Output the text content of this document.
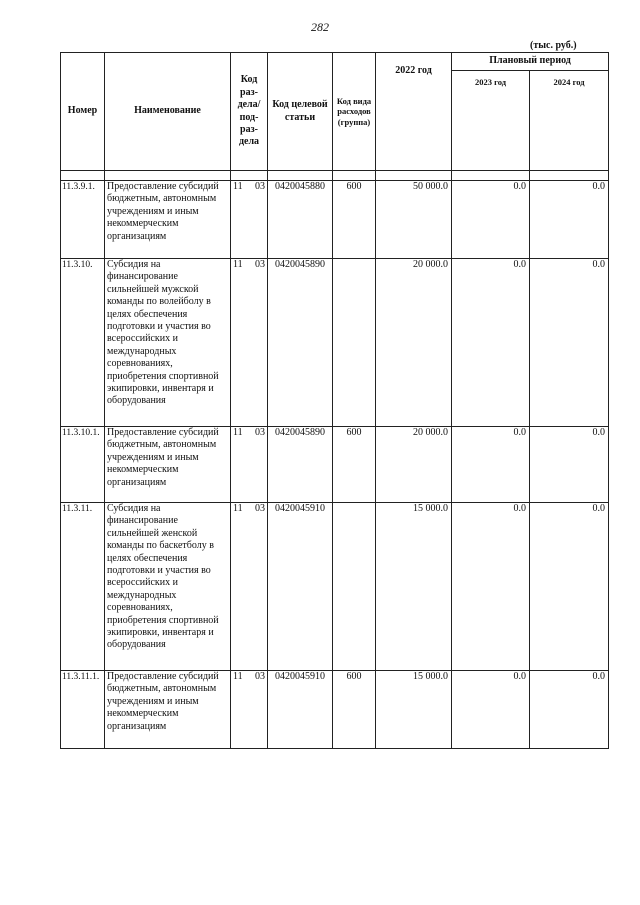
282
(тыс. руб.)
Номер	Наименование	Код раз- дела/ под- раз- дела		Код целевой статьи	Код вида расходов (группа)	2022 год	Плановый период	
							2023 год	2024 год

11.3.9.1.	Предоставление субсидий бюджетным, автономным учреждениям и иным некоммерческим организациям	11	03	0420045880	600	50 000.0	0.0	0.0
11.3.10.	Субсидия на финансирование сильнейшей мужской команды по волейболу в целях обеспечения подготовки и участия во всероссийских и международных соревнованиях, приобретения спортивной экипировки, инвентаря и оборудования	11	03	0420045890		20 000.0	0.0	0.0
11.3.10.1.	Предоставление субсидий бюджетным, автономным учреждениям и иным некоммерческим организациям	11	03	0420045890	600	20 000.0	0.0	0.0
11.3.11.	Субсидия на финансирование сильнейшей женской команды по баскетболу в целях обеспечения подготовки и участия во всероссийских и международных соревнованиях, приобретения спортивной экипировки, инвентаря и оборудования	11	03	0420045910		15 000.0	0.0	0.0
11.3.11.1.	Предоставление субсидий бюджетным, автономным учреждениям и иным некоммерческим организациям	11	03	0420045910	600	15 000.0	0.0	0.0
